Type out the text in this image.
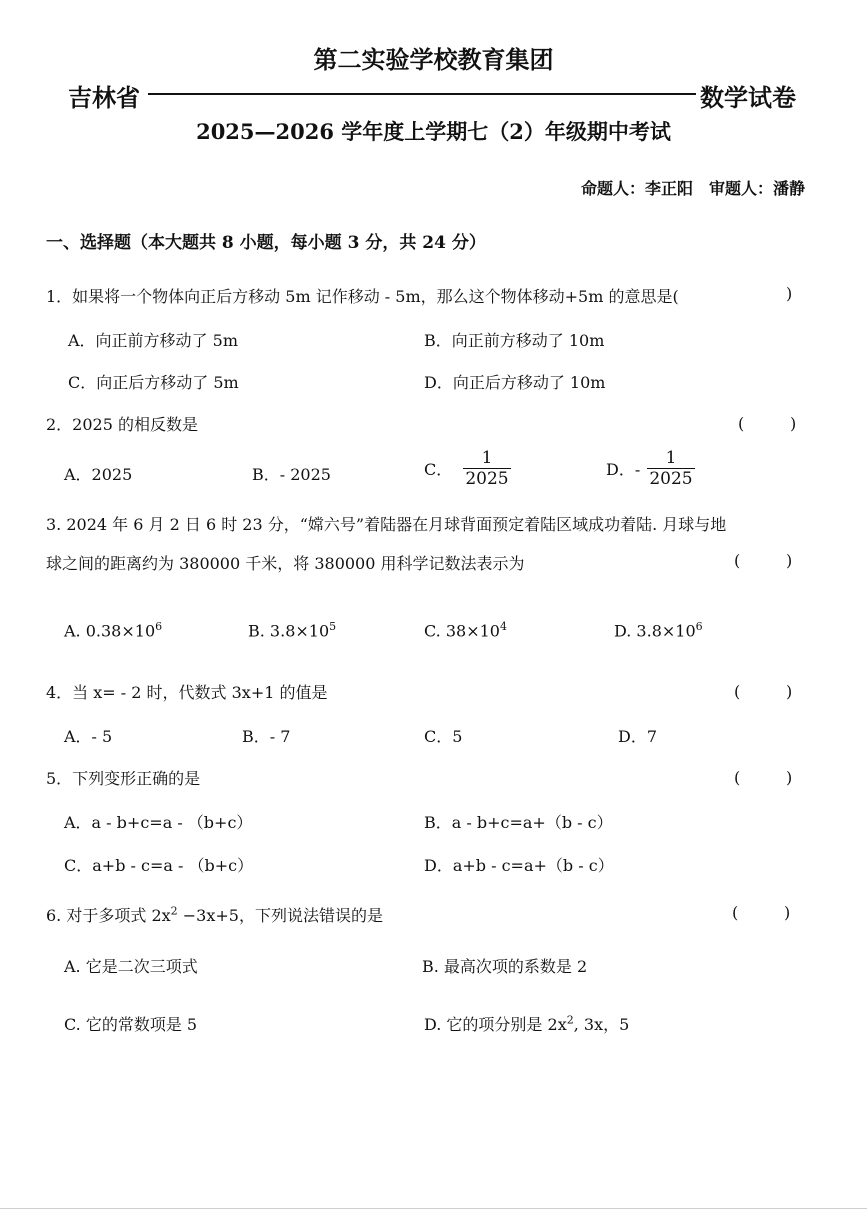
第二实验学校教育集团
吉林省	数学试卷
2025—2026 学年度上学期七（2）年级期中考试
命题人：李正阳　审题人：潘静
一、选择题（本大题共 8 小题，每小题 3 分，共 24 分）
1．如果将一个物体向正后方移动 5m 记作移动 - 5m，那么这个物体移动+5m 的意思是(	)
A．向正前方移动了 5m	B．向正前方移动了 10m
C．向正后方移动了 5m	D．向正后方移动了 10m
2．2025 的相反数是	(	)
A．2025	B．- 2025	C． $\frac{1}{2025}$	D．- $\frac{1}{2025}$
3. 2024 年 6 月 2 日 6 时 23 分，“嫦六号”着陆器在月球背面预定着陆区域成功着陆. 月球与地
球之间的距离约为 380000 千米，将 380000 用科学记数法表示为	(	)
A. $0.38\times 10^6$	B. $3.8\times 10^5$	C. $38\times 10^4$	D. $3.8\times 10^6$
4．当 x= - 2 时，代数式 3x+1 的值是	(	)
A．- 5	B．- 7	C．5	D．7
5．下列变形正确的是	(	)
A．a - b+c=a - （b+c）	B．a - b+c=a+（b - c）
C．a+b - c=a - （b+c）	D．a+b - c=a+（b - c）
6. 对于多项式 $2x^2 -3x+5$，下列说法错误的是	(	)
A. 它是二次三项式	B. 最高次项的系数是 2
C. 它的常数项是 5	D. 它的项分别是 $2x^2$, 3x，5
